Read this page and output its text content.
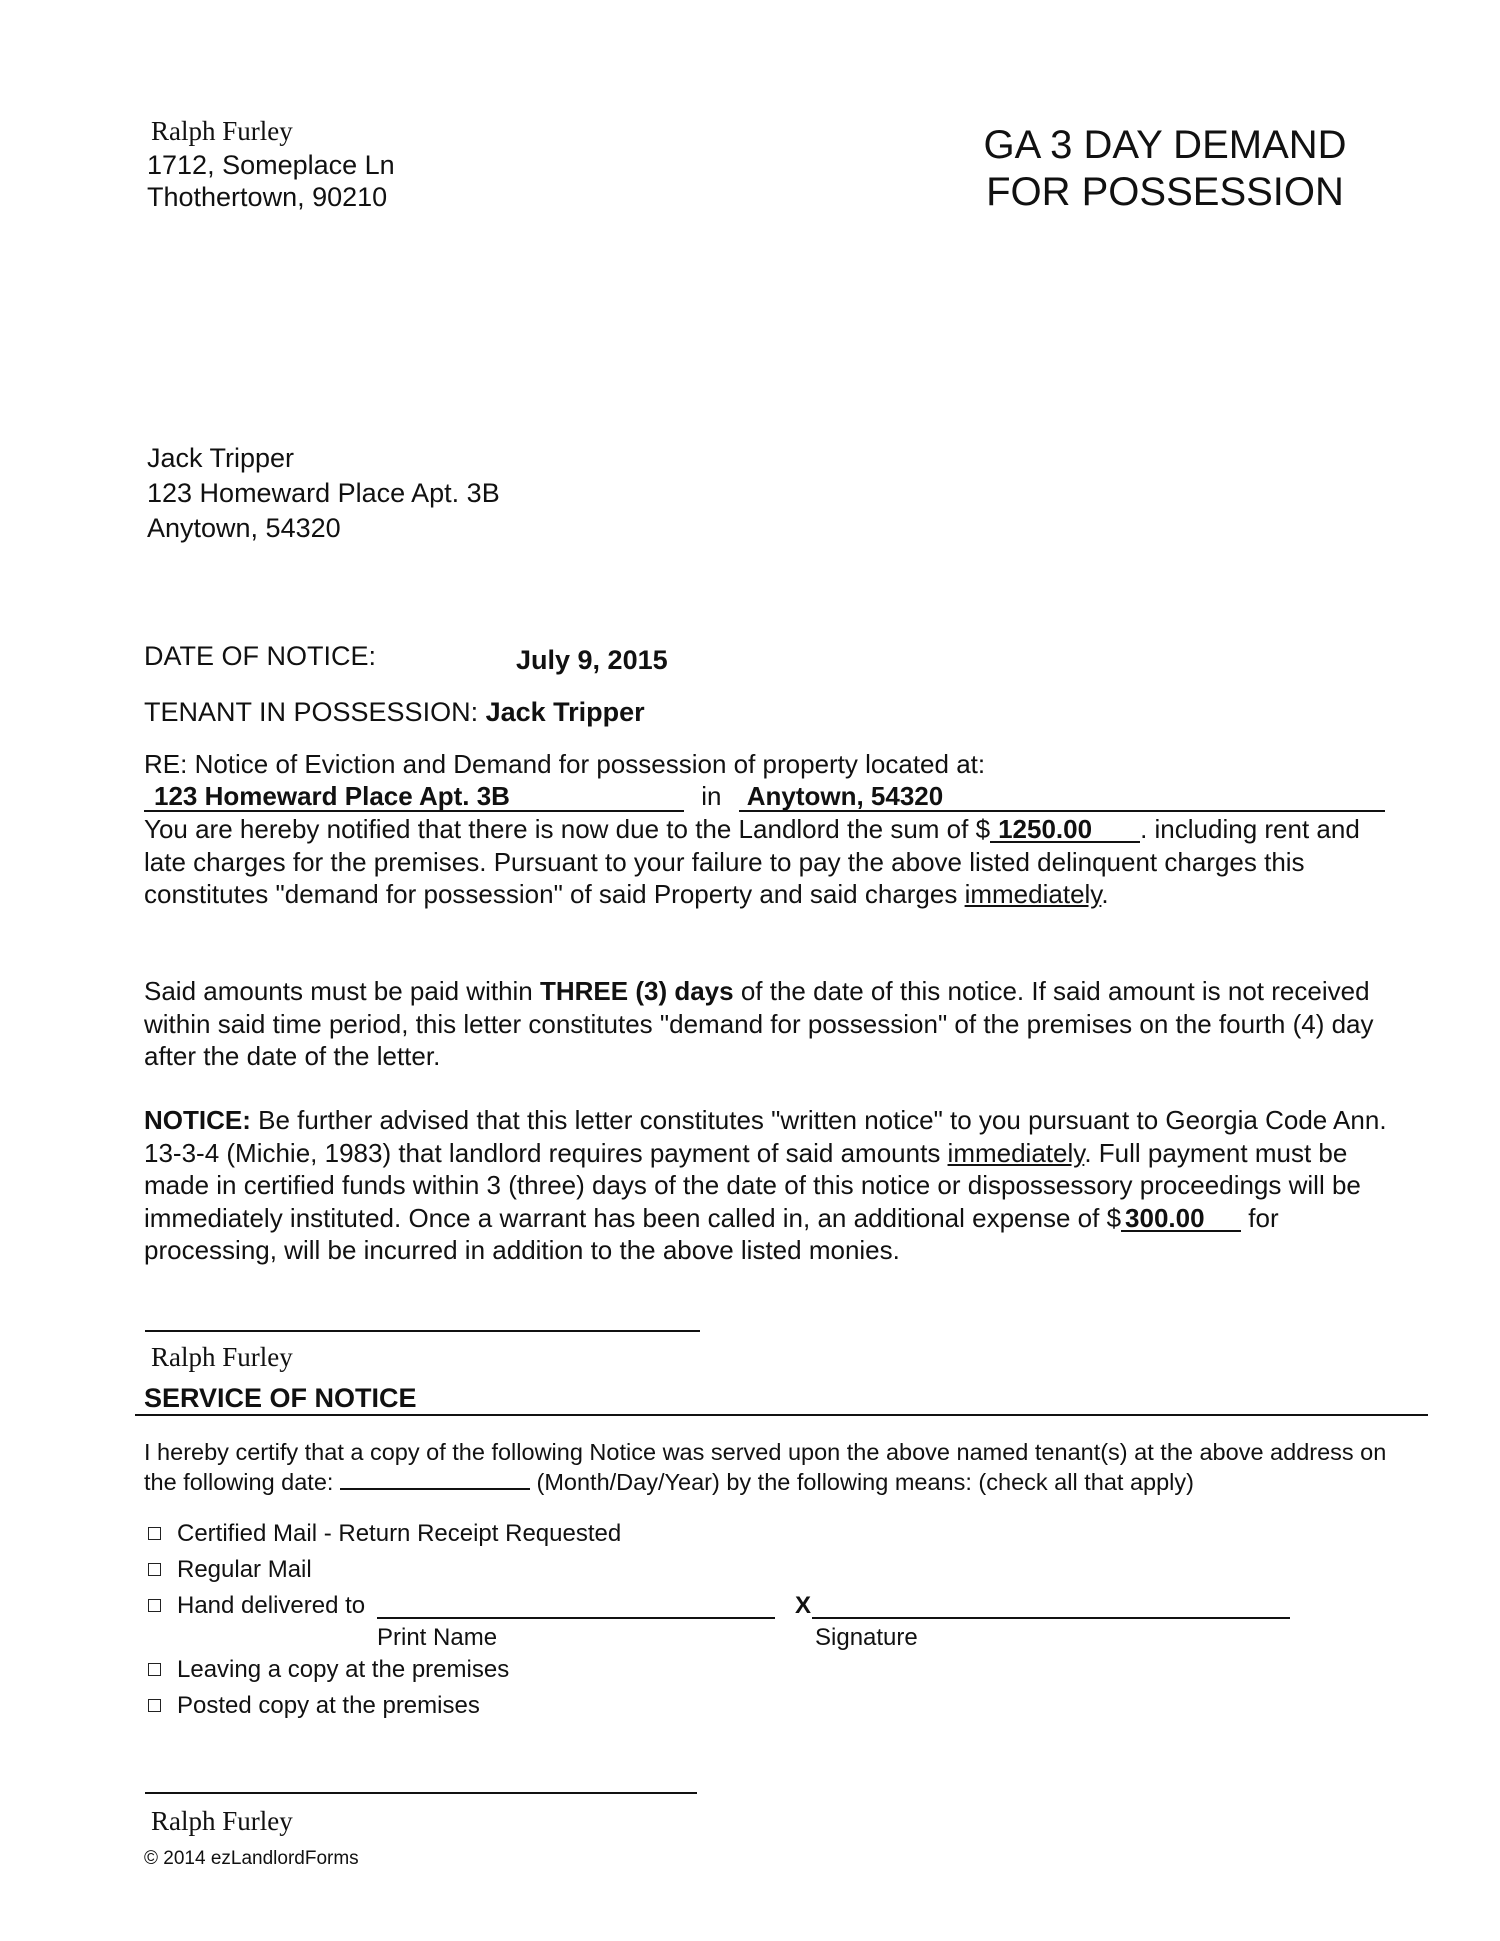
Ralph Furley
1712, Someplace Ln
Thothertown, 90210
GA 3 DAY DEMAND
FOR POSSESSION
Jack Tripper
123 Homeward Place Apt. 3B
Anytown, 54320
DATE OF NOTICE:	July 9, 2015
TENANT IN POSSESSION: Jack Tripper
RE: Notice of Eviction and Demand for possession of property located at:
123 Homeward Place Apt. 3B	in Anytown, 54320
You are hereby notified that there is now due to the Landlord the sum of $ 1250.00 . including rent and late charges for the premises. Pursuant to your failure to pay the above listed delinquent charges this constitutes "demand for possession" of said Property and said charges immediately.
Said amounts must be paid within THREE (3) days of the date of this notice. If said amount is not received within said time period, this letter constitutes "demand for possession" of the premises on the fourth (4) day after the date of the letter.
NOTICE: Be further advised that this letter constitutes "written notice" to you pursuant to Georgia Code Ann. 13-3-4 (Michie, 1983) that landlord requires payment of said amounts immediately. Full payment must be made in certified funds within 3 (three) days of the date of this notice or dispossessory proceedings will be immediately instituted. Once a warrant has been called in, an additional expense of $ 300.00 for processing, will be incurred in addition to the above listed monies.
Ralph Furley
SERVICE OF NOTICE
I hereby certify that a copy of the following Notice was served upon the above named tenant(s) at the above address on the following date:	(Month/Day/Year) by the following means: (check all that apply)
Certified Mail - Return Receipt Requested
Regular Mail
Hand delivered to	X
Print Name	Signature
Leaving a copy at the premises
Posted copy at the premises
Ralph Furley
© 2014 ezLandlordForms
